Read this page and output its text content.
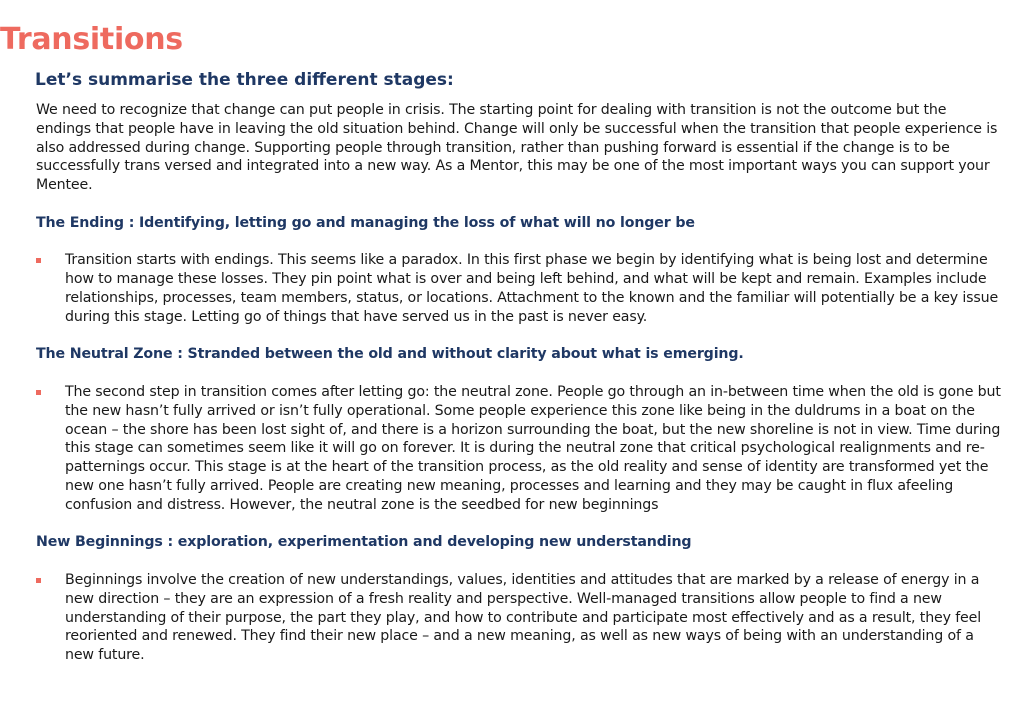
Transitions
Let’s summarise the three different stages:

We need to recognize that change can put people in crisis. The starting point for dealing with transition is not the outcome but the endings that people have in leaving the old situation behind. Change will only be successful when the transition that people experience is also addressed during change. Supporting people through transition, rather than pushing forward is essential if the change is to be successfully trans versed and integrated into a new way. As a Mentor, this may be one of the most important ways you can support your Mentee.

The Ending : Identifying, letting go and managing the loss of what will no longer be

Transition starts with endings. This seems like a paradox. In this first phase we begin by identifying what is being lost and determine how to manage these losses. They pin point what is over and being left behind, and what will be kept and remain. Examples include relationships, processes, team members, status, or locations. Attachment to the known and the familiar will potentially be a key issue during this stage. Letting go of things that have served us in the past is never easy.

The Neutral Zone : Stranded between the old and without clarity about what is emerging.

The second step in transition comes after letting go: the neutral zone. People go through an in-between time when the old is gone but the new hasn’t fully arrived or isn’t fully operational. Some people experience this zone like being in the duldrums in a boat on the ocean – the shore has been lost sight of, and there is a horizon surrounding the boat, but the new shoreline is not in view. Time during this stage can sometimes seem like it will go on forever. It is during the neutral zone that critical psychological realignments and re-patternings occur. This stage is at the heart of the transition process, as the old reality and sense of identity are transformed yet the new one hasn’t fully arrived. People are creating new meaning, processes and learning and they may be caught in flux afeeling confusion and distress. However, the neutral zone is the seedbed for new beginnings

New Beginnings : exploration, experimentation and developing new understanding

Beginnings involve the creation of new understandings, values, identities and attitudes that are marked by a release of energy in a new direction – they are an expression of a fresh reality and perspective. Well-managed transitions allow people to find a new understanding of their purpose, the part they play, and how to contribute and participate most effectively and as a result, they feel reoriented and renewed. They find their new place – and a new meaning, as well as new ways of being with an understanding of a new future.
